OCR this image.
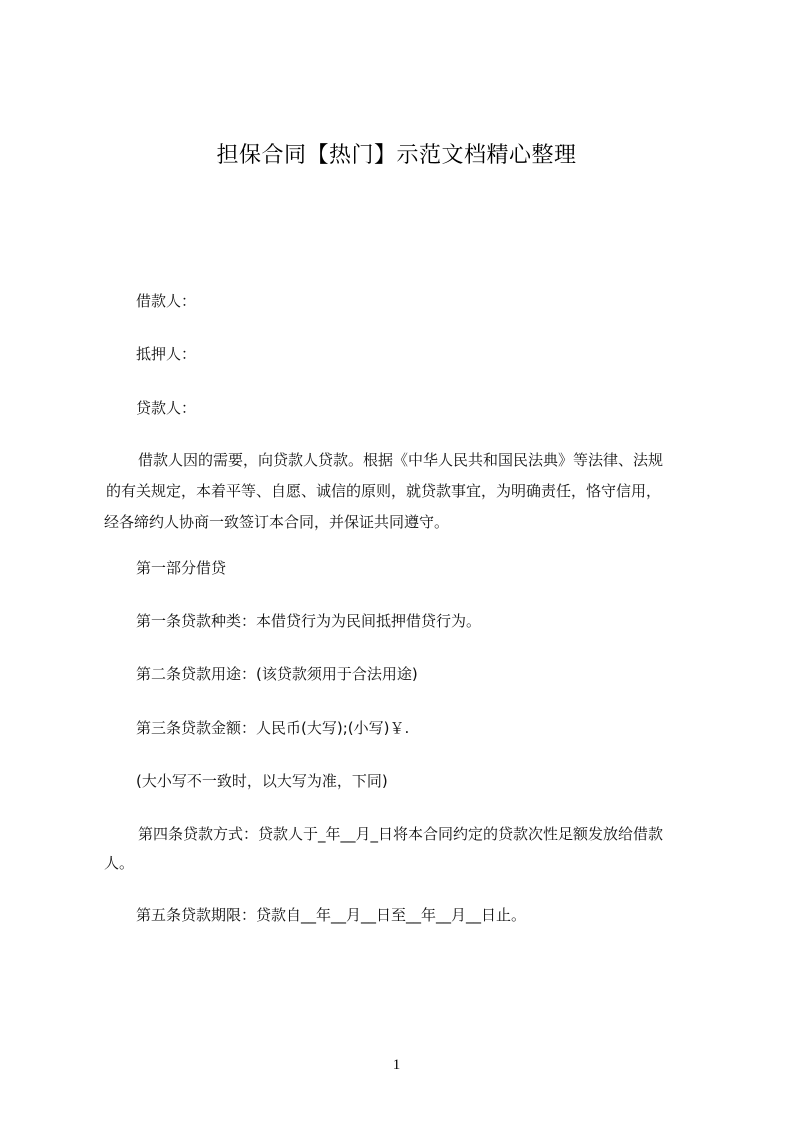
担保合同【热门】示范文档精心整理
借款人：
抵押人：
贷款人：
借款人因的需要，向贷款人贷款。根据《中华人民共和国民法典》等法律、法规
的有关规定，本着平等、自愿、诚信的原则，就贷款事宜，为明确责任，恪守信用，
经各缔约人协商一致签订本合同，并保证共同遵守。
第一部分借贷
第一条贷款种类：本借贷行为为民间抵押借贷行为。
第二条贷款用途：(该贷款须用于合法用途)
第三条贷款金额：人民币(大写);(小写)￥.
(大小写不一致时，以大写为准，下同)
第四条贷款方式：贷款人于_年__月_日将本合同约定的贷款次性足额发放给借款
人。
第五条贷款期限：贷款自__年__月__日至__年__月__日止。
1
